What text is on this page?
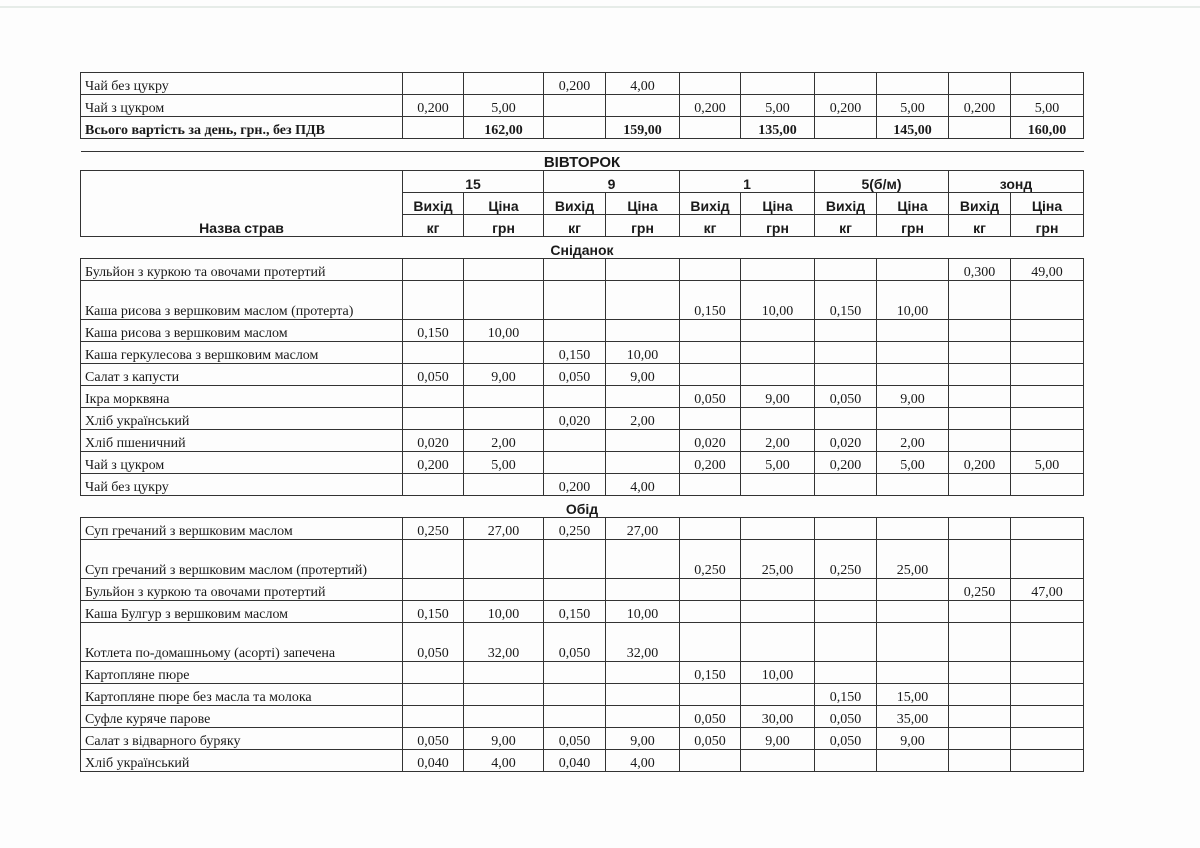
Чай без цукру			0,200	4,00						
Чай з цукром	0,200	5,00			0,200	5,00	0,200	5,00	0,200	5,00
Всього вартість за день, грн., без ПДВ		162,00		159,00		135,00		145,00		160,00

ВІВТОРОК										
Назва страв	15		9		1		5(б/м)		зонд	
	Вихід	Ціна	Вихід	Ціна	Вихід	Ціна	Вихід	Ціна	Вихід	Ціна
	кг	грн	кг	грн	кг	грн	кг	грн	кг	грн
Сніданок										
Бульйон з куркою та овочами протертий									0,300	49,00
Каша рисова з вершковим маслом (протерта)					0,150	10,00	0,150	10,00		
Каша рисова з вершковим маслом	0,150	10,00								
Каша геркулесова з вершковим маслом			0,150	10,00						
Салат з капусти	0,050	9,00	0,050	9,00						
Ікра морквяна					0,050	9,00	0,050	9,00		
Хліб український			0,020	2,00						
Хліб пшеничний	0,020	2,00			0,020	2,00	0,020	2,00		
Чай з цукром	0,200	5,00			0,200	5,00	0,200	5,00	0,200	5,00
Чай без цукру			0,200	4,00						
Обід										
Суп гречаний з вершковим маслом	0,250	27,00	0,250	27,00						
Суп гречаний з вершковим маслом (протертий)					0,250	25,00	0,250	25,00		
Бульйон з куркою та овочами протертий									0,250	47,00
Каша Булгур з вершковим маслом	0,150	10,00	0,150	10,00						
Котлета по-домашньому (асорті) запечена	0,050	32,00	0,050	32,00						
Картопляне пюре					0,150	10,00				
Картопляне пюре без масла та молока							0,150	15,00		
Суфле куряче парове					0,050	30,00	0,050	35,00		
Салат з відварного буряку	0,050	9,00	0,050	9,00	0,050	9,00	0,050	9,00		
Хліб український	0,040	4,00	0,040	4,00						
